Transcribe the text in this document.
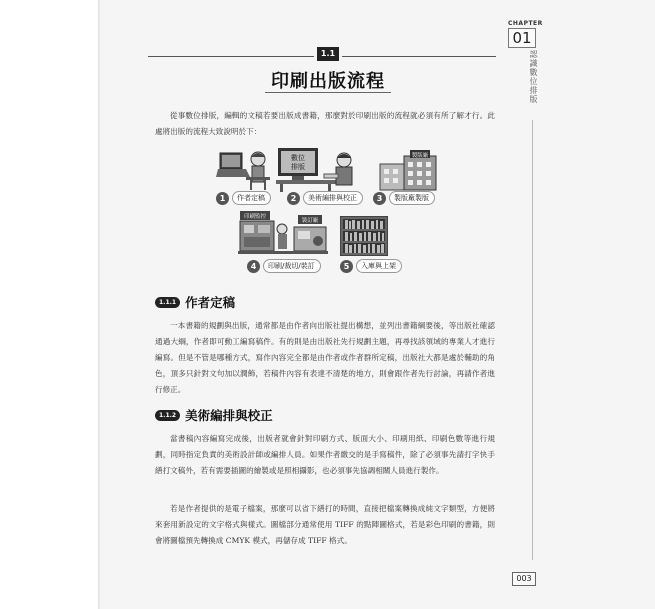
CHAPTER
01
認識數位排版
1.1
印刷出版流程
從事數位排版，編輯的文稿若要出版成書籍，那麼對於印刷出版的流程就必須有所了解才行。此處將出版的流程大致說明於下：
數位
排版
製版廠
1	作者定稿	2	美術編排與校正	3	製版廠製版
印刷監控
裝訂廠
4	印刷/裁切/裝訂	5	入庫與上架
1.1.1 作者定稿
一本書籍的規劃與出版，通常都是由作者向出版社提出構想，並列出書籍綱要後，等出版社確認通過大綱，作者即可動工編寫稿件。有的則是由出版社先行規劃主題，再尋找該領域的專業人才進行編寫。但是不管是哪種方式，寫作內容完全都是由作者或作者群所定稿，出版社大都是處於輔助的角色，頂多只針對文句加以潤飾，若稿件內容有表達不清楚的地方，則會跟作者先行討論，再請作者進行修正。
1.1.2 美術編排與校正
當書稿內容編寫完成後，出版者就會針對印刷方式、版面大小、印刷用紙、印刷色數等進行規劃，同時指定負責的美術設計師或編排人員。如果作者繳交的是手寫稿件，除了必須事先請打字快手繕打文稿外，若有需要插圖的繪製或是照相攝影，也必須事先協調相關人員進行製作。
若是作者提供的是電子檔案，那麼可以省下繕打的時間，直接把檔案轉換成純文字類型，方便將來套用新設定的文字格式與樣式。圖檔部分通常使用 TIFF 的點陣圖格式，若是彩色印刷的書籍，則會將圖檔預先轉換成 CMYK 模式，再儲存成 TIFF 格式。
003
